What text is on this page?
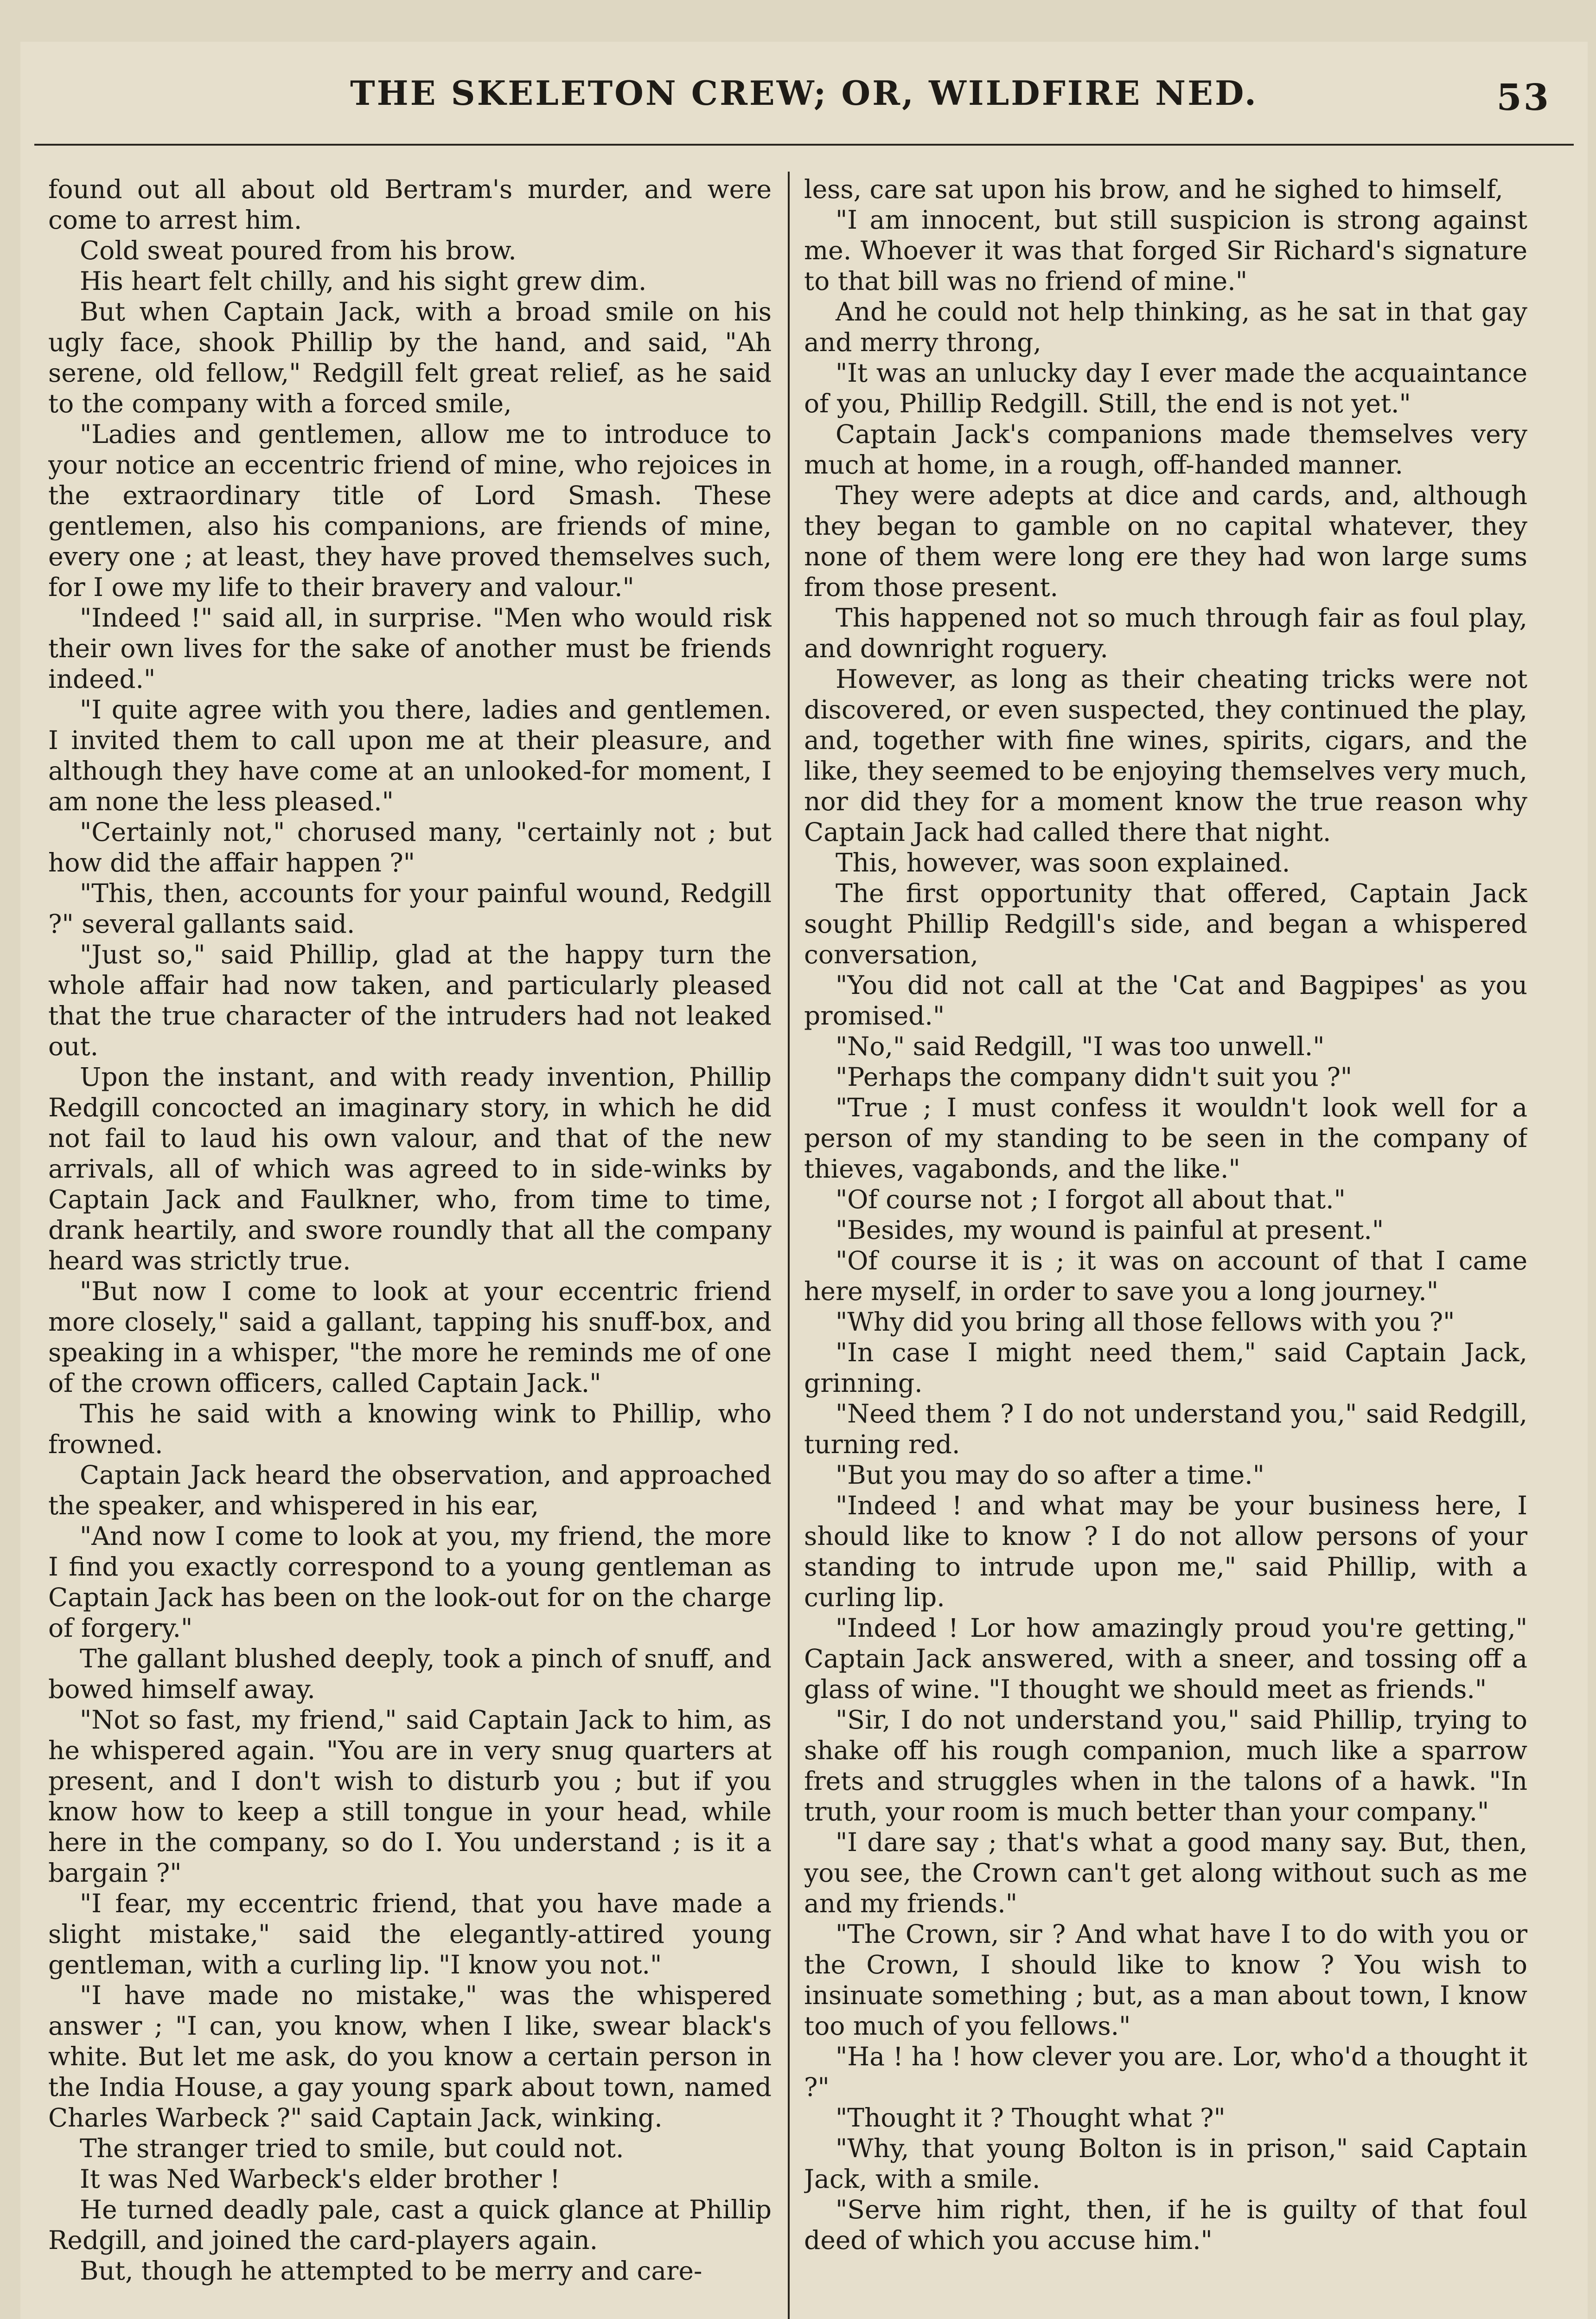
THE SKELETON CREW; OR, WILDFIRE NED.	53

found out all about old Bertram's murder, and were come to arrest him.

Cold sweat poured from his brow.

His heart felt chilly, and his sight grew dim.

But when Captain Jack, with a broad smile on his ugly face, shook Phillip by the hand, and said, "Ah serene, old fellow," Redgill felt great relief, as he said to the company with a forced smile,

"Ladies and gentlemen, allow me to introduce to your notice an eccentric friend of mine, who rejoices in the extraordinary title of Lord Smash. These gentlemen, also his companions, are friends of mine, every one ; at least, they have proved themselves such, for I owe my life to their bravery and valour."

"Indeed !" said all, in surprise. "Men who would risk their own lives for the sake of another must be friends indeed."

"I quite agree with you there, ladies and gentlemen. I invited them to call upon me at their pleasure, and although they have come at an unlooked-for moment, I am none the less pleased."

"Certainly not," chorused many, "certainly not ; but how did the affair happen ?"

"This, then, accounts for your painful wound, Redgill ?" several gallants said.

"Just so," said Phillip, glad at the happy turn the whole affair had now taken, and particularly pleased that the true character of the intruders had not leaked out.

Upon the instant, and with ready invention, Phillip Redgill concocted an imaginary story, in which he did not fail to laud his own valour, and that of the new arrivals, all of which was agreed to in side-winks by Captain Jack and Faulkner, who, from time to time, drank heartily, and swore roundly that all the company heard was strictly true.

"But now I come to look at your eccentric friend more closely," said a gallant, tapping his snuff-box, and speaking in a whisper, "the more he reminds me of one of the crown officers, called Captain Jack."

This he said with a knowing wink to Phillip, who frowned.

Captain Jack heard the observation, and approached the speaker, and whispered in his ear,

"And now I come to look at you, my friend, the more I find you exactly correspond to a young gentleman as Captain Jack has been on the look-out for on the charge of forgery."

The gallant blushed deeply, took a pinch of snuff, and bowed himself away.

"Not so fast, my friend," said Captain Jack to him, as he whispered again. "You are in very snug quarters at present, and I don't wish to disturb you ; but if you know how to keep a still tongue in your head, while here in the company, so do I. You understand ; is it a bargain ?"

"I fear, my eccentric friend, that you have made a slight mistake," said the elegantly-attired young gentleman, with a curling lip. "I know you not."

"I have made no mistake," was the whispered answer ; "I can, you know, when I like, swear black's white. But let me ask, do you know a certain person in the India House, a gay young spark about town, named Charles Warbeck ?" said Captain Jack, winking.

The stranger tried to smile, but could not.

It was Ned Warbeck's elder brother !

He turned deadly pale, cast a quick glance at Phillip Redgill, and joined the card-players again.

But, though he attempted to be merry and care-

less, care sat upon his brow, and he sighed to himself,

"I am innocent, but still suspicion is strong against me. Whoever it was that forged Sir Richard's signature to that bill was no friend of mine."

And he could not help thinking, as he sat in that gay and merry throng,

"It was an unlucky day I ever made the acquaintance of you, Phillip Redgill. Still, the end is not yet."

Captain Jack's companions made themselves very much at home, in a rough, off-handed manner.

They were adepts at dice and cards, and, although they began to gamble on no capital whatever, they none of them were long ere they had won large sums from those present.

This happened not so much through fair as foul play, and downright roguery.

However, as long as their cheating tricks were not discovered, or even suspected, they continued the play, and, together with fine wines, spirits, cigars, and the like, they seemed to be enjoying themselves very much, nor did they for a moment know the true reason why Captain Jack had called there that night.

This, however, was soon explained.

The first opportunity that offered, Captain Jack sought Phillip Redgill's side, and began a whispered conversation,

"You did not call at the 'Cat and Bagpipes' as you promised."

"No," said Redgill, "I was too unwell."

"Perhaps the company didn't suit you ?"

"True ; I must confess it wouldn't look well for a person of my standing to be seen in the company of thieves, vagabonds, and the like."

"Of course not ; I forgot all about that."

"Besides, my wound is painful at present."

"Of course it is ; it was on account of that I came here myself, in order to save you a long journey."

"Why did you bring all those fellows with you ?"

"In case I might need them," said Captain Jack, grinning.

"Need them ? I do not understand you," said Redgill, turning red.

"But you may do so after a time."

"Indeed ! and what may be your business here, I should like to know ? I do not allow persons of your standing to intrude upon me," said Phillip, with a curling lip.

"Indeed ! Lor how amazingly proud you're getting," Captain Jack answered, with a sneer, and tossing off a glass of wine. "I thought we should meet as friends."

"Sir, I do not understand you," said Phillip, trying to shake off his rough companion, much like a sparrow frets and struggles when in the talons of a hawk. "In truth, your room is much better than your company."

"I dare say ; that's what a good many say. But, then, you see, the Crown can't get along without such as me and my friends."

"The Crown, sir ? And what have I to do with you or the Crown, I should like to know ? You wish to insinuate something ; but, as a man about town, I know too much of you fellows."

"Ha ! ha ! how clever you are. Lor, who'd a thought it ?"

"Thought it ? Thought what ?"

"Why, that young Bolton is in prison," said Captain Jack, with a smile.

"Serve him right, then, if he is guilty of that foul deed of which you accuse him."
